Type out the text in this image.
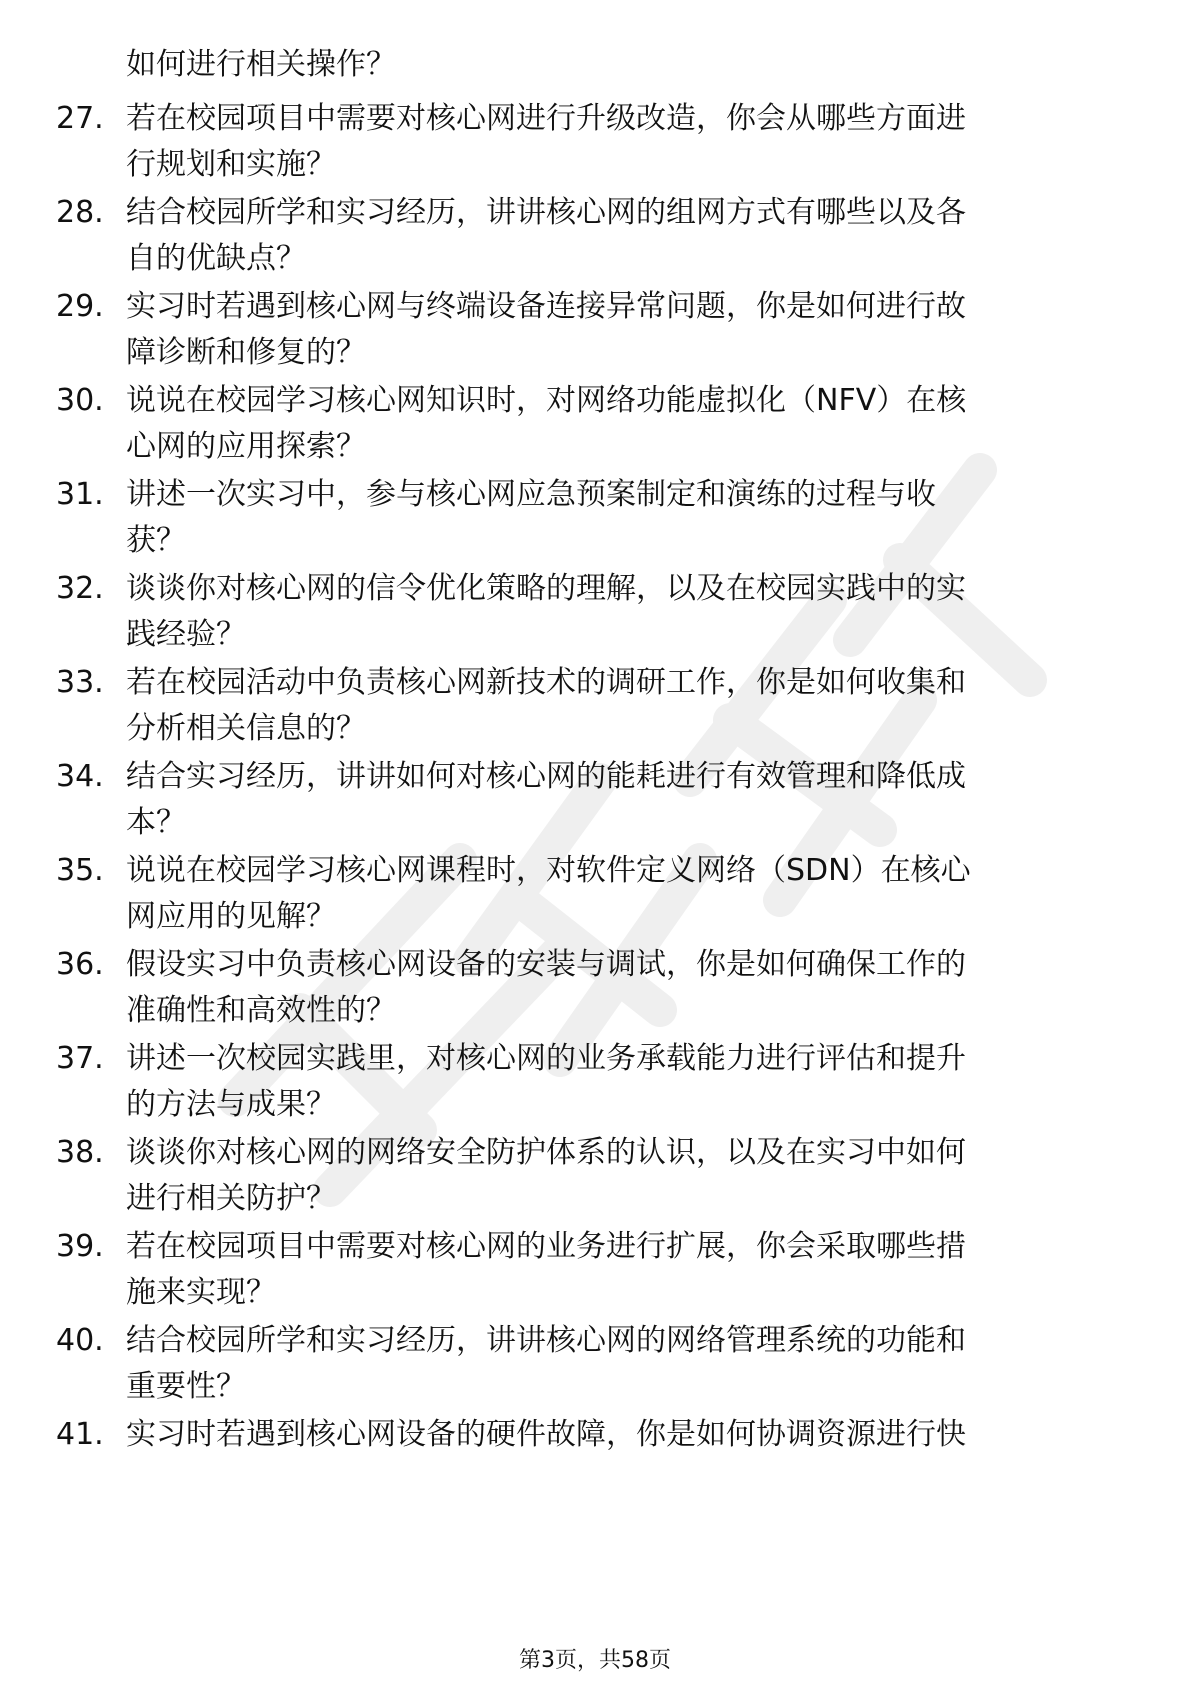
如何进行相关操作？
27. 若在校园项目中需要对核心网进行升级改造，你会从哪些方面进
行规划和实施？

28. 结合校园所学和实习经历，讲讲核心网的组网方式有哪些以及各
自的优缺点？

29. 实习时若遇到核心网与终端设备连接异常问题，你是如何进行故
障诊断和修复的？

30. 说说在校园学习核心网知识时，对网络功能虚拟化（NFV）在核
心网的应用探索？

31. 讲述一次实习中，参与核心网应急预案制定和演练的过程与收
获？

32. 谈谈你对核心网的信令优化策略的理解，以及在校园实践中的实
践经验？

33. 若在校园活动中负责核心网新技术的调研工作，你是如何收集和
分析相关信息的？

34. 结合实习经历，讲讲如何对核心网的能耗进行有效管理和降低成
本？

35. 说说在校园学习核心网课程时，对软件定义网络（SDN）在核心
网应用的见解？

36. 假设实习中负责核心网设备的安装与调试，你是如何确保工作的
准确性和高效性的？

37. 讲述一次校园实践里，对核心网的业务承载能力进行评估和提升
的方法与成果？

38. 谈谈你对核心网的网络安全防护体系的认识，以及在实习中如何
进行相关防护？

39. 若在校园项目中需要对核心网的业务进行扩展，你会采取哪些措
施来实现？

40. 结合校园所学和实习经历，讲讲核心网的网络管理系统的功能和
重要性？

41. 实习时若遇到核心网设备的硬件故障，你是如何协调资源进行快

第3页，共58页
